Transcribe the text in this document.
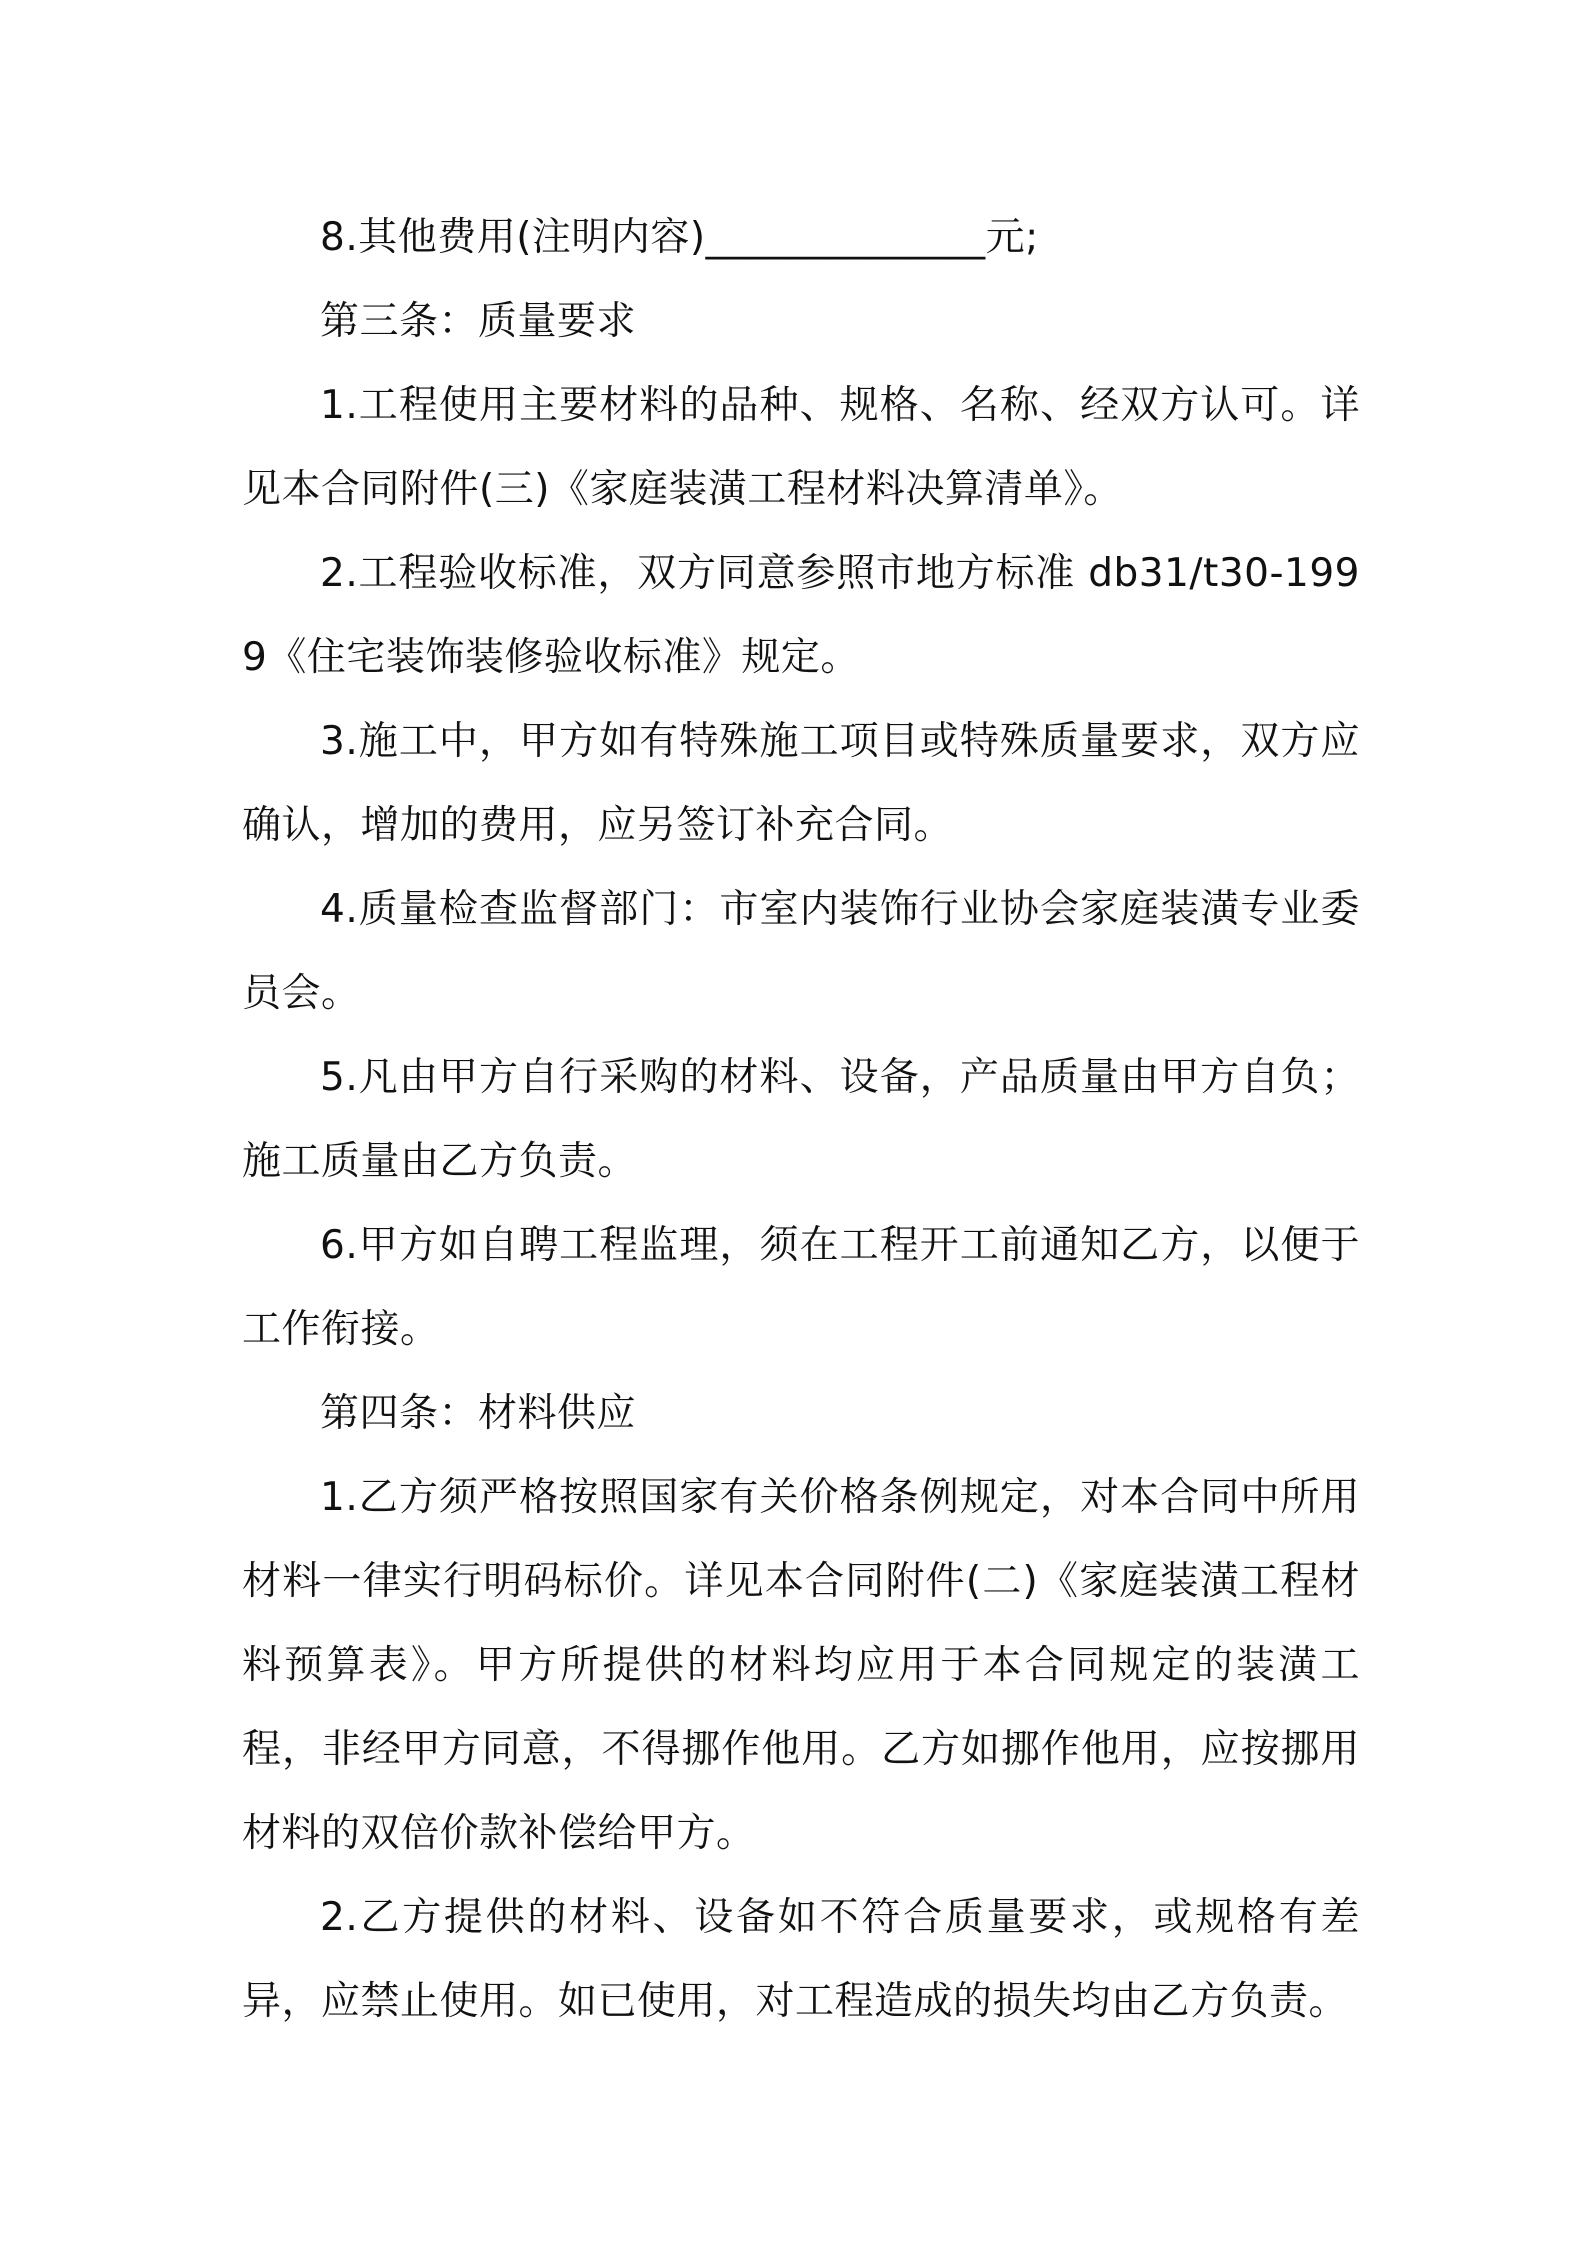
8.其他费用(注明内容)______________元;

第三条：质量要求

1.工程使用主要材料的品种、规格、名称、经双方认可。详见本合同附件(三)《家庭装潢工程材料决算清单》。

2.工程验收标准，双方同意参照市地方标准 db31/t30-1999《住宅装饰装修验收标准》规定。

3.施工中，甲方如有特殊施工项目或特殊质量要求，双方应确认，增加的费用，应另签订补充合同。

4.质量检查监督部门：市室内装饰行业协会家庭装潢专业委员会。

5.凡由甲方自行采购的材料、设备，产品质量由甲方自负；施工质量由乙方负责。

6.甲方如自聘工程监理，须在工程开工前通知乙方，以便于工作衔接。

第四条：材料供应

1.乙方须严格按照国家有关价格条例规定，对本合同中所用材料一律实行明码标价。详见本合同附件(二)《家庭装潢工程材料预算表》。甲方所提供的材料均应用于本合同规定的装潢工程，非经甲方同意，不得挪作他用。乙方如挪作他用，应按挪用材料的双倍价款补偿给甲方。

2.乙方提供的材料、设备如不符合质量要求，或规格有差异，应禁止使用。如已使用，对工程造成的损失均由乙方负责。
